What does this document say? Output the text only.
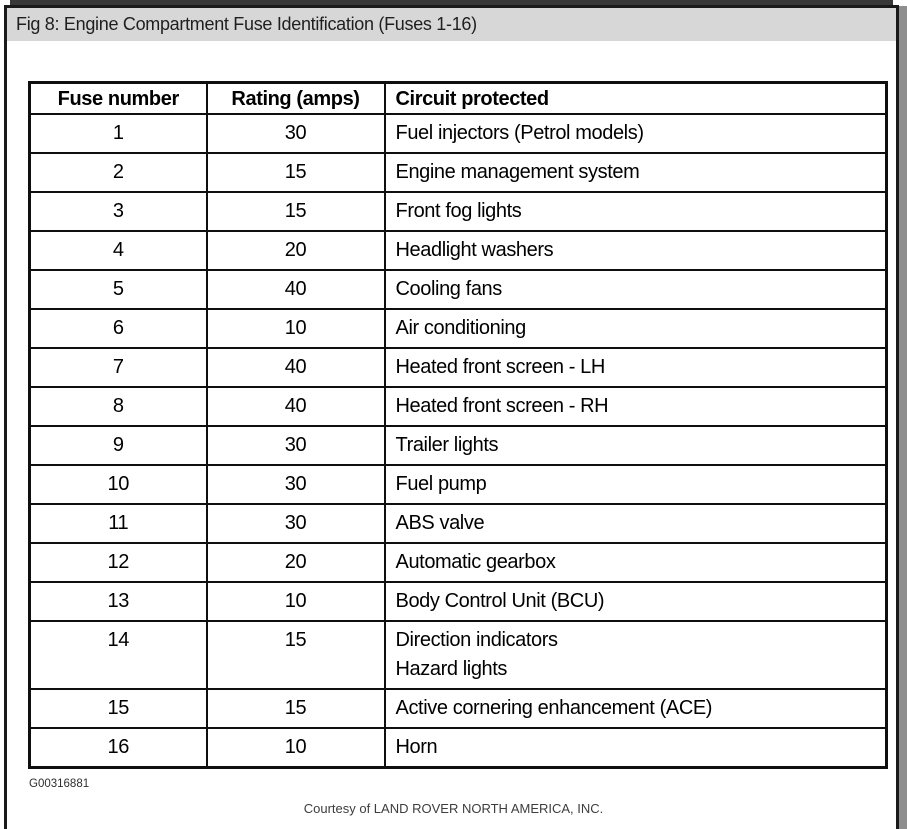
Fig 8: Engine Compartment Fuse Identification (Fuses 1-16)
Fuse number	Rating (amps)	Circuit protected
1	30	Fuel injectors (Petrol models)

2	15	Engine management system

3	15	Front fog lights

4	20	Headlight washers

5	40	Cooling fans

6	10	Air conditioning

7	40	Heated front screen - LH

8	40	Heated front screen - RH

9	30	Trailer lights

10	30	Fuel pump

11	30	ABS valve

12	20	Automatic gearbox

13	10	Body Control Unit (BCU)

14	15	Direction indicators
Hazard lights

15	15	Active cornering enhancement (ACE)

16	10	Horn
G00316881
Courtesy of LAND ROVER NORTH AMERICA, INC.
